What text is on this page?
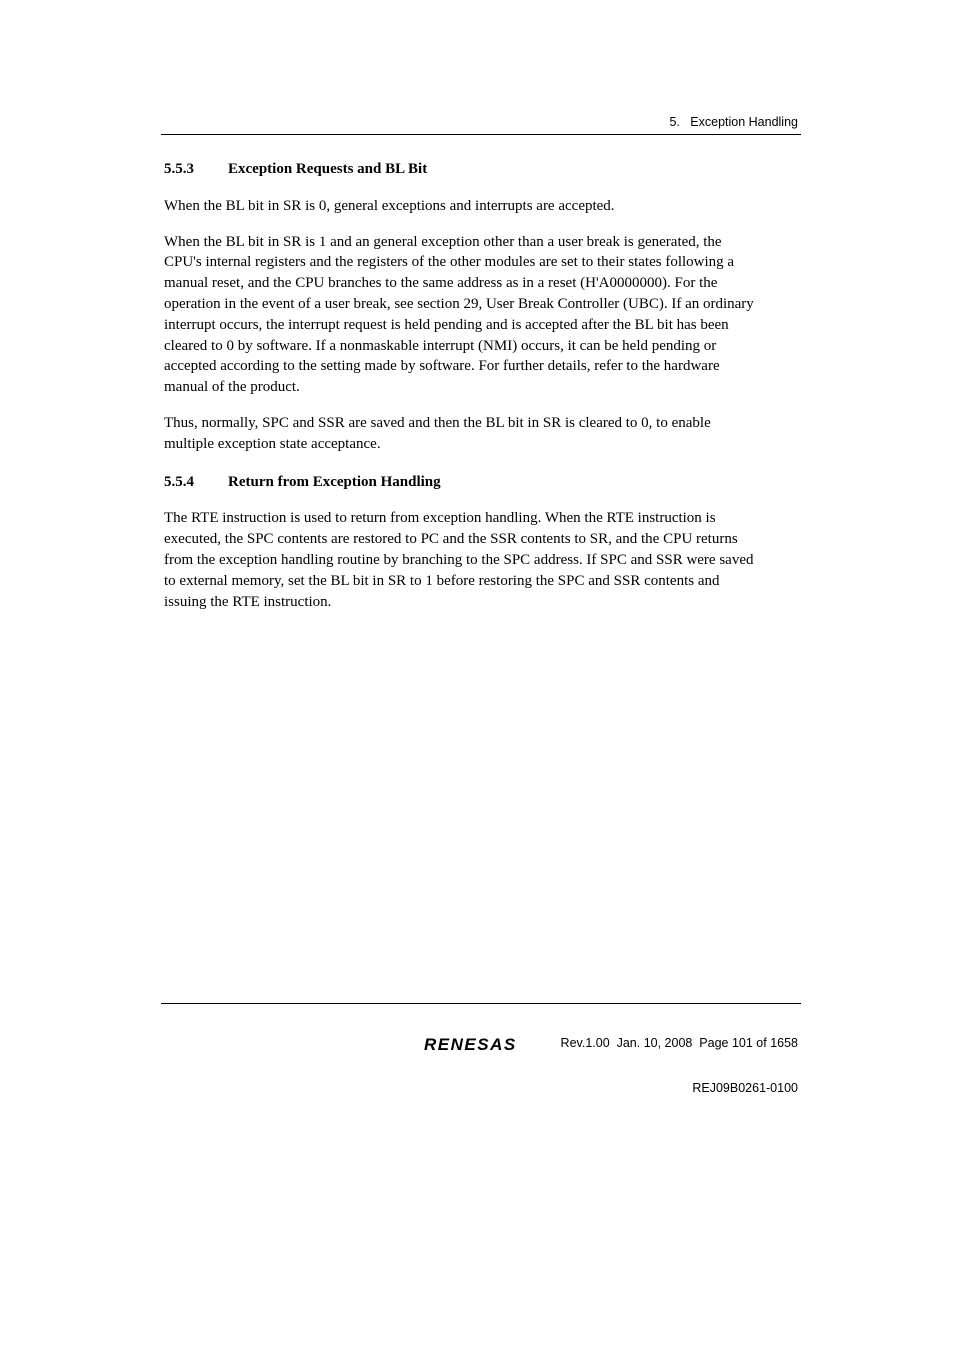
5.   Exception Handling
5.5.3	Exception Requests and BL Bit
When the BL bit in SR is 0, general exceptions and interrupts are accepted.
When the BL bit in SR is 1 and an general exception other than a user break is generated, the
CPU's internal registers and the registers of the other modules are set to their states following a
manual reset, and the CPU branches to the same address as in a reset (H'A0000000). For the
operation in the event of a user break, see section 29, User Break Controller (UBC). If an ordinary
interrupt occurs, the interrupt request is held pending and is accepted after the BL bit has been
cleared to 0 by software. If a nonmaskable interrupt (NMI) occurs, it can be held pending or
accepted according to the setting made by software. For further details, refer to the hardware
manual of the product.
Thus, normally, SPC and SSR are saved and then the BL bit in SR is cleared to 0, to enable
multiple exception state acceptance.
5.5.4	Return from Exception Handling
The RTE instruction is used to return from exception handling. When the RTE instruction is
executed, the SPC contents are restored to PC and the SSR contents to SR, and the CPU returns
from the exception handling routine by branching to the SPC address. If SPC and SSR were saved
to external memory, set the BL bit in SR to 1 before restoring the SPC and SSR contents and
issuing the RTE instruction.

Rev.1.00  Jan. 10, 2008  Page 101 of 1658

REJ09B0261-0100

RENESAS
